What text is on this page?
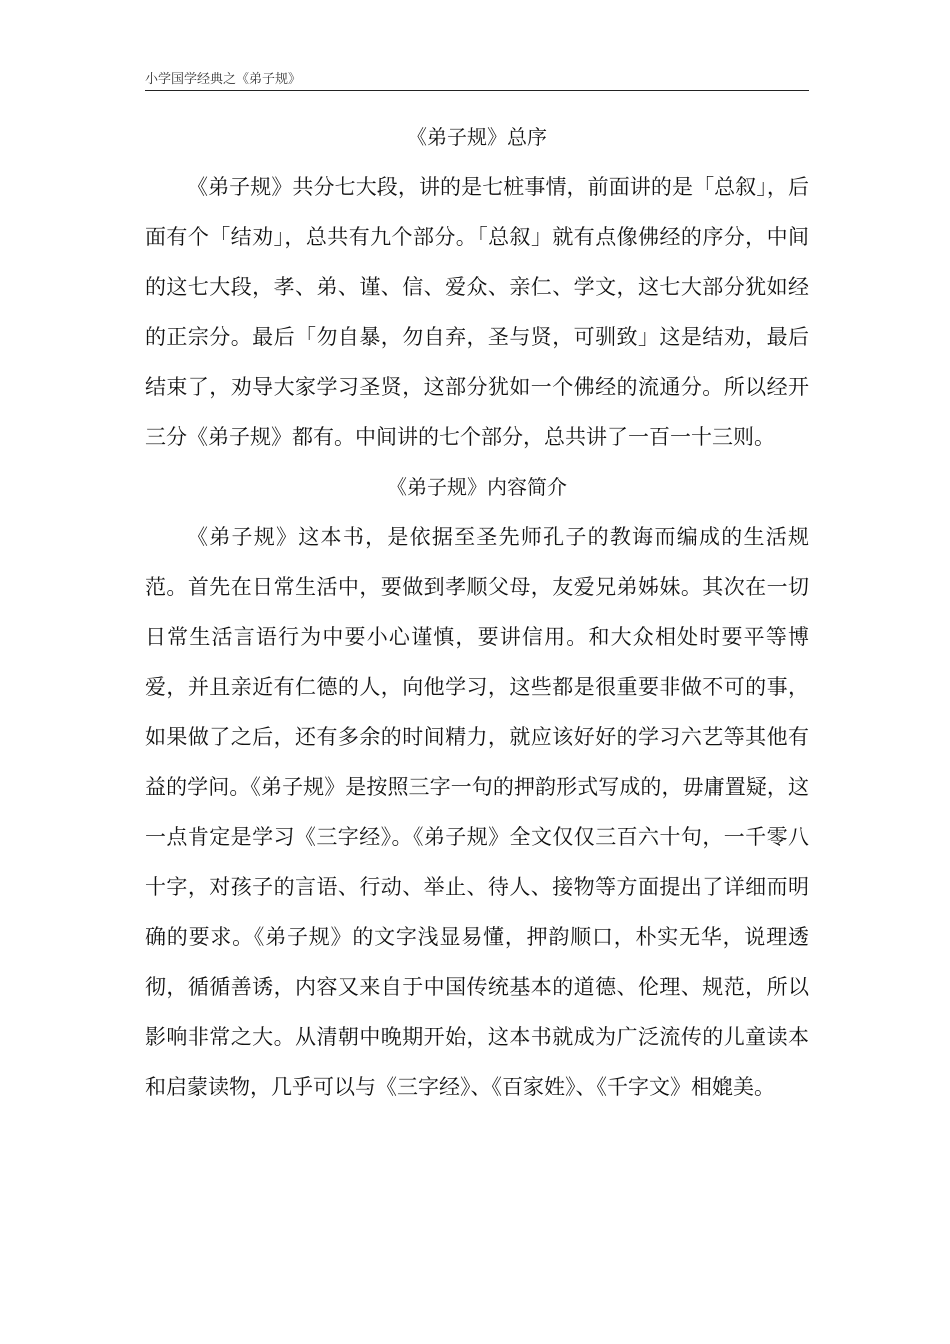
小学国学经典之《弟子规》
《弟子规》总序

《弟子规》共分七大段，讲的是七桩事情，前面讲的是「总叙」，后面有个「结劝」，总共有九个部分。「总叙」就有点像佛经的序分，中间的这七大段，孝、弟、谨、信、爱众、亲仁、学文，这七大部分犹如经的正宗分。最后「勿自暴，勿自弃，圣与贤，可驯致」这是结劝，最后结束了，劝导大家学习圣贤，这部分犹如一个佛经的流通分。所以经开三分《弟子规》都有。中间讲的七个部分，总共讲了一百一十三则。

《弟子规》内容简介

《弟子规》这本书，是依据至圣先师孔子的教诲而编成的生活规范。首先在日常生活中，要做到孝顺父母，友爱兄弟姊妹。其次在一切日常生活言语行为中要小心谨慎，要讲信用。和大众相处时要平等博爱，并且亲近有仁德的人，向他学习，这些都是很重要非做不可的事，如果做了之后，还有多余的时间精力，就应该好好的学习六艺等其他有益的学问。《弟子规》是按照三字一句的押韵形式写成的，毋庸置疑，这一点肯定是学习《三字经》。《弟子规》全文仅仅三百六十句，一千零八十字，对孩子的言语、行动、举止、待人、接物等方面提出了详细而明确的要求。《弟子规》的文字浅显易懂，押韵顺口，朴实无华，说理透彻，循循善诱，内容又来自于中国传统基本的道德、伦理、规范，所以影响非常之大。从清朝中晚期开始，这本书就成为广泛流传的儿童读本和启蒙读物，几乎可以与《三字经》、《百家姓》、《千字文》相媲美。
